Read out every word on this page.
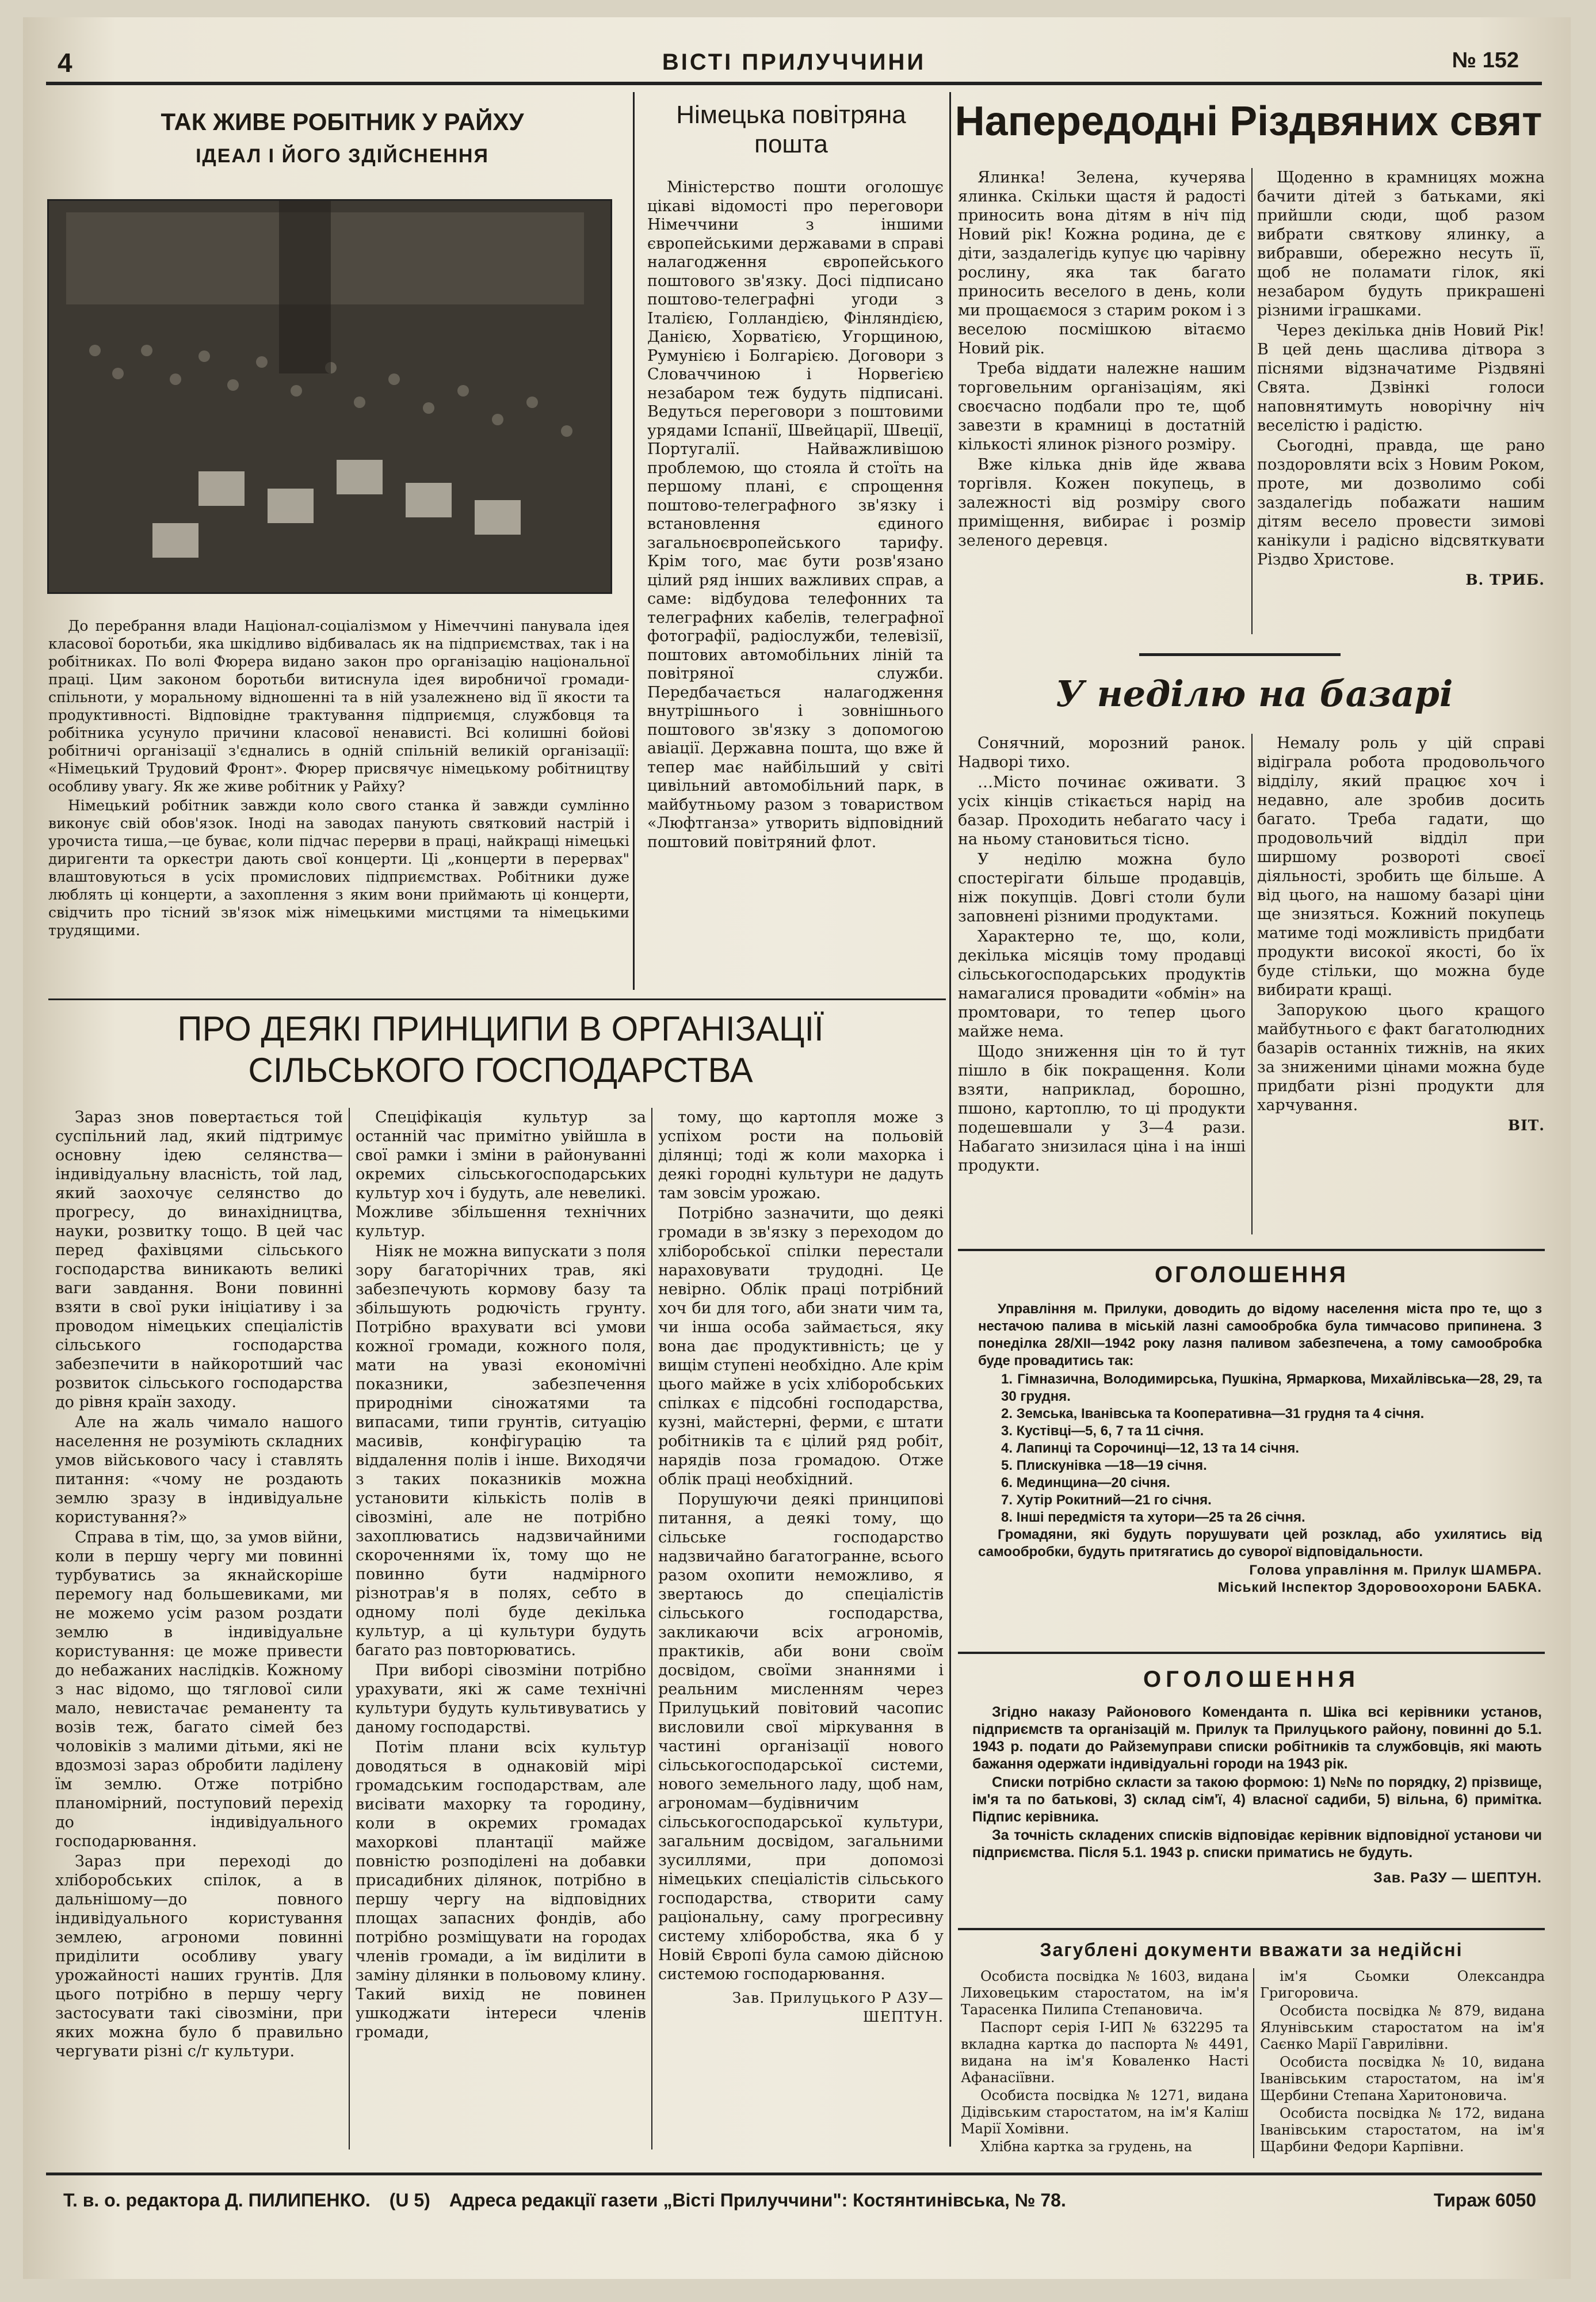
4	ВІСТІ ПРИЛУЧЧИНИ	№ 152
ТАК ЖИВЕ РОБІТНИК У РАЙХУ
ІДЕАЛ І ЙОГО ЗДІЙСНЕННЯ

До перебрання влади Націонал-соціалізмом у Німеччині панувала ідея класової боротьби, яка шкідливо відбивалась як на підприємствах, так і на робітниках. По волі Фюрера видано закон про організацію національної праці. Цим законом боротьби витиснула ідея виробничої громади-спільноти, у моральному відношенні та в ній узалежнено від її якости та продуктивності. Відповідне трактування підприємця, службовця та робітника усунуло причини класової ненависті. Всі колишні бойові робітничі організації з'єднались в одній спільній великій організації: «Німецький Трудовий Фронт». Фюрер присвячує німецькому робітництву особливу увагу. Як же живе робітник у Райху?

Німецький робітник завжди коло свого станка й завжди сумлінно виконує свій обов'язок. Іноді на заводах панують святковий настрій і урочиста тиша,—це буває, коли підчас перерви в праці, найкращі німецькі диригенти та оркестри дають свої концерти. Ці „концерти в перервах" влаштовуються в усіх промислових підприємствах. Робітники дуже люблять ці концерти, а захоплення з яким вони приймають ці концерти, свідчить про тісний зв'язок між німецькими мистцями та німецькими трудящими.

Німецька повітряна пошта

Міністерство пошти оголошує цікаві відомості про переговори Німеччини з іншими європейськими державами в справі налагодження європейського поштового зв'язку. Досі підписано поштово-телеграфні угоди з Італією, Голландією, Фінляндією, Данією, Хорватією, Угорщиною, Румунією і Болгарією. Договори з Словаччиною і Норвегією незабаром теж будуть підписані. Ведуться переговори з поштовими урядами Іспанії, Швейцарії, Швеції, Португалії. Найважливішою проблемою, що стояла й стоїть на першому плані, є спрощення поштово-телеграфного зв'язку і встановлення єдиного загальноєвропейського тарифу. Крім того, має бути розв'язано цілий ряд інших важливих справ, а саме: відбудова телефонних та телеграфних кабелів, телеграфної фотографії, радіослужби, телевізії, поштових автомобільних ліній та повітряної служби. Передбачається налагодження внутрішнього і зовнішнього поштового зв'язку з допомогою авіації. Державна пошта, що вже й тепер має найбільший у світі цивільний автомобільний парк, в майбутньому разом з товариством «Люфтганза» утворить відповідний поштовий повітряний флот.

Напередодні Різдвяних свят

Ялинка! Зелена, кучерява ялинка. Скільки щастя й радості приносить вона дітям в ніч під Новий рік! Кожна родина, де є діти, заздалегідь купує цю чарівну рослину, яка так багато приносить веселого в день, коли ми прощаємося з старим роком і з веселою посмішкою вітаємо Новий рік.

Треба віддати належне нашим торговельним організаціям, які своєчасно подбали про те, щоб завезти в крамниці в достатній кількості ялинок різного розміру.

Вже кілька днів йде жвава торгівля. Кожен покупець, в залежності від розміру свого приміщення, вибирає і розмір зеленого деревця.

Щоденно в крамницях можна бачити дітей з батьками, які прийшли сюди, щоб разом вибрати святкову ялинку, а вибравши, обережно несуть її, щоб не поламати гілок, які незабаром будуть прикрашені різними іграшками.

Через декілька днів Новий Рік! В цей день щаслива дітвора з піснями відзначатиме Різдвяні Свята. Дзвінкі голоси наповнятимуть новорічну ніч веселістю і радістю.

Сьогодні, правда, ще рано поздоровляти всіх з Новим Роком, проте, ми дозволимо собі заздалегідь побажати нашим дітям весело провести зимові канікули і радісно відсвяткувати Різдво Христове.

В. ТРИБ.
У неділю на базарі

Сонячний, морозний ранок. Надворі тихо.

…Місто починає оживати. З усіх кінців стікається нарід на базар. Проходить небагато часу і на ньому становиться тісно.

У неділю можна було спостерігати більше продавців, ніж покупців. Довгі столи були заповнені різними продуктами.

Характерно те, що, коли, декілька місяців тому продавці сільськогосподарських продуктів намагалися провадити «обмін» на промтовари, то тепер цього майже нема.

Щодо зниження цін то й тут пішло в бік покращення. Коли взяти, наприклад, борошно, пшоно, картоплю, то ці продукти подешевшали у 3—4 рази. Набагато знизилася ціна і на інші продукти.

Немалу роль у цій справі відіграла робота продовольчого відділу, який працює хоч і недавно, але зробив досить багато. Треба гадати, що продовольчий відділ при ширшому розвороті своєї діяльності, зробить ще більше. А від цього, на нашому базарі ціни ще знизяться. Кожний покупець матиме тоді можливість придбати продукти високої якості, бо їх буде стільки, що можна буде вибирати кращі.

Запорукою цього кращого майбутнього є факт багатолюдних базарів останніх тижнів, на яких за зниженими цінами можна буде придбати різні продукти для харчування.

ВІТ.
ОГОЛОШЕННЯ

Управління м. Прилуки, доводить до відому населення міста про те, що з нестачою палива в міській лазні самообробка була тимчасово припинена. З понеділка 28/XII—1942 року лазня паливом забезпечена, а тому самообробка буде провадитись так:

1. Гімназична, Володимирська, Пушкіна, Ярмаркова, Михайлівська—28, 29, та 30 грудня.
2. Земська, Іванівська та Кооперативна—31 грудня та 4 січня.
3. Кустівці—5, 6, 7 та 11 січня.
4. Лапинці та Сорочинці—12, 13 та 14 січня.
5. Плискунівка —18—19 січня.
6. Мединщина—20 січня.
7. Хутір Рокитний—21 го січня.
8. Інші передмістя та хутори—25 та 26 січня.

Громадяни, які будуть порушувати цей розклад, або ухилятись від самообробки, будуть притягатись до суворої відповідальности.

Голова управління м. Прилук ШАМБРА.
Міський Інспектор Здоровоохорони БАБКА.
ОГОЛОШЕННЯ

Згідно наказу Районового Коменданта п. Шіка всі керівники установ, підприємств та організацій м. Прилук та Прилуцького району, повинні до 5.1. 1943 р. подати до Райземуправи списки робітників та службовців, які мають бажання одержати індивідуальні городи на 1943 рік.

Списки потрібно скласти за такою формою: 1) №№ по порядку, 2) прізвище, ім'я та по батькові, 3) склад сім'ї, 4) власної садиби, 5) вільна, 6) примітка. Підпис керівника.

За точність складених списків відповідає керівник відповідної установи чи підприємства. Після 5.1. 1943 р. списки приматись не будуть.

Зав. РаЗУ — ШЕПТУН.
Загублені документи вважати за недійсні

Особиста посвідка № 1603, видана Лиховецьким старостатом, на ім'я Тарасенка Пилипа Степановича.

Паспорт серія І-ИП № 632295 та вкладна картка до паспорта № 4491, видана на ім'я Коваленко Насті Афанасіївни.

Особиста посвідка № 1271, видана Дідівським старостатом, на ім'я Каліш Марії Хомівни.

Хлібна картка за грудень, на

ім'я Сьомки Олександра Григоровича.

Особиста посвідка № 879, видана Ялунівським старостатом на ім'я Саєнко Марії Гаврилівни.

Особиста посвідка № 10, видана Іванівським старостатом, на ім'я Щербини Степана Харитоновича.

Особиста посвідка № 172, видана Іванівським старостатом, на ім'я Щарбини Федори Карпівни.

ПРО ДЕЯКІ ПРИНЦИПИ В ОРГАНІЗАЦІЇ СІЛЬСЬКОГО ГОСПОДАРСТВА

Зараз знов повертається той суспільний лад, який підтримує основну ідею селянства—індивідуальну власність, той лад, який заохочує селянство до прогресу, до винахідництва, науки, розвитку тощо. В цей час перед фахівцями сільського господарства виникають великі ваги завдання. Вони повинні взяти в свої руки ініціативу і за проводом німецьких спеціалістів сільського господарства забезпечити в найкоротший час розвиток сільського господарства до рівня країн заходу.

Але на жаль чимало нашого населення не розуміють складних умов військового часу і ставлять питання: «чому не роздають землю зразу в індивідуальне користування?»

Справа в тім, що, за умов війни, коли в першу чергу ми повинні турбуватись за якнайскоріше перемогу над большевиками, ми не можемо усім разом роздати землю в індивідуальне користування: це може привести до небажаних наслідків. Кожному з нас відомо, що тяглової сили мало, невистачає реманенту та возів теж, багато сімей без чоловіків з малими дітьми, які не вдозмозі зараз обробити ладілену їм землю. Отже потрібно планомірний, поступовий перехід до індивідуального господарювання.

Зараз при переході до хліборобських спілок, а в дальнішому—до повного індивідуального користування землею, агрономи повинні приділити особливу увагу урожайності наших грунтів. Для цього потрібно в першу чергу застосувати такі сівозміни, при яких можна було б правильно чергувати різні с/г культури.

Спеціфікація культур за останній час примітно увійшла в свої рамки і зміни в районуванні окремих сільськогосподарських культур хоч і будуть, але невеликі. Можливе збільшення технічних культур.

Ніяк не можна випускати з поля зору багаторічних трав, які забезпечують кормову базу та збільшують родючість грунту. Потрібно врахувати всі умови кожної громади, кожного поля, мати на увазі економічні показники, забезпечення природніми сіножатями та випасами, типи грунтів, ситуацію масивів, конфігурацію та віддалення полів і інше. Виходячи з таких показників можна установити кількість полів в сівозміні, але не потрібно захоплюватись надзвичайними скороченнями їх, тому що не повинно бути надмірного різнотрав'я в полях, себто в одному полі буде декілька культур, а ці культури будуть багато раз повторюватись.

При виборі сівозміни потрібно урахувати, які ж саме технічні культури будуть культивуватись у даному господарстві.

Потім плани всіх культур доводяться в однаковій мірі громадським господарствам, але висівати махорку та городину, коли в окремих громадах махоркові плантації майже повністю розподілені на добавки присадибних ділянок, потрібно в першу чергу на відповідних площах запасних фондів, або потрібно розміщувати на городах членів громади, а їм виділити в заміну ділянки в польовому клину. Такий вихід не повинен ушкоджати інтереси членів громади,

тому, що картопля може з успіхом рости на польовій ділянці; тоді ж коли махорка і деякі городні культури не дадуть там зовсім урожаю.

Потрібно зазначити, що деякі громади в зв'язку з переходом до хліборобської спілки перестали нараховувати трудодні. Це невірно. Облік праці потрібний хоч би для того, аби знати чим та, чи інша особа займається, яку вона дає продуктивність; це у вищім ступені необхідно. Але крім цього майже в усіх хліборобських спілках є підсобні господарства, кузні, майстерні, ферми, є штати робітників та є цілий ряд робіт, нарядів поза громадою. Отже облік праці необхідний.

Порушуючи деякі принципові питання, а деякі тому, що сільське господарство надзвичайно багатогранне, всього разом охопити неможливо, я звертаюсь до спеціалістів сільського господарства, закликаючи всіх агрономів, практиків, аби вони своїм досвідом, своїми знаннями і реальним мисленням через Прилуцький повітовий часопис висловили свої міркування в частині організації нового сільськогосподарської системи, нового земельного ладу, щоб нам, агрономам—будівничим сільськогосподарської культури, загальним досвідом, загальними зусиллями, при допомозі німецьких спеціалістів сільського господарства, створити саму раціональну, саму прогресивну систему хліборобства, яка б у Новій Європі була самою дійсною системою господарювання.

Зав. Прилуцького Р АЗУ—
ШЕПТУН.
Т. в. о. редактора Д. ПИЛИПЕНКО. (U 5) Адреса редакції газети „Вісті Прилуччини": Костянтинівська, № 78.	Тираж 6050
